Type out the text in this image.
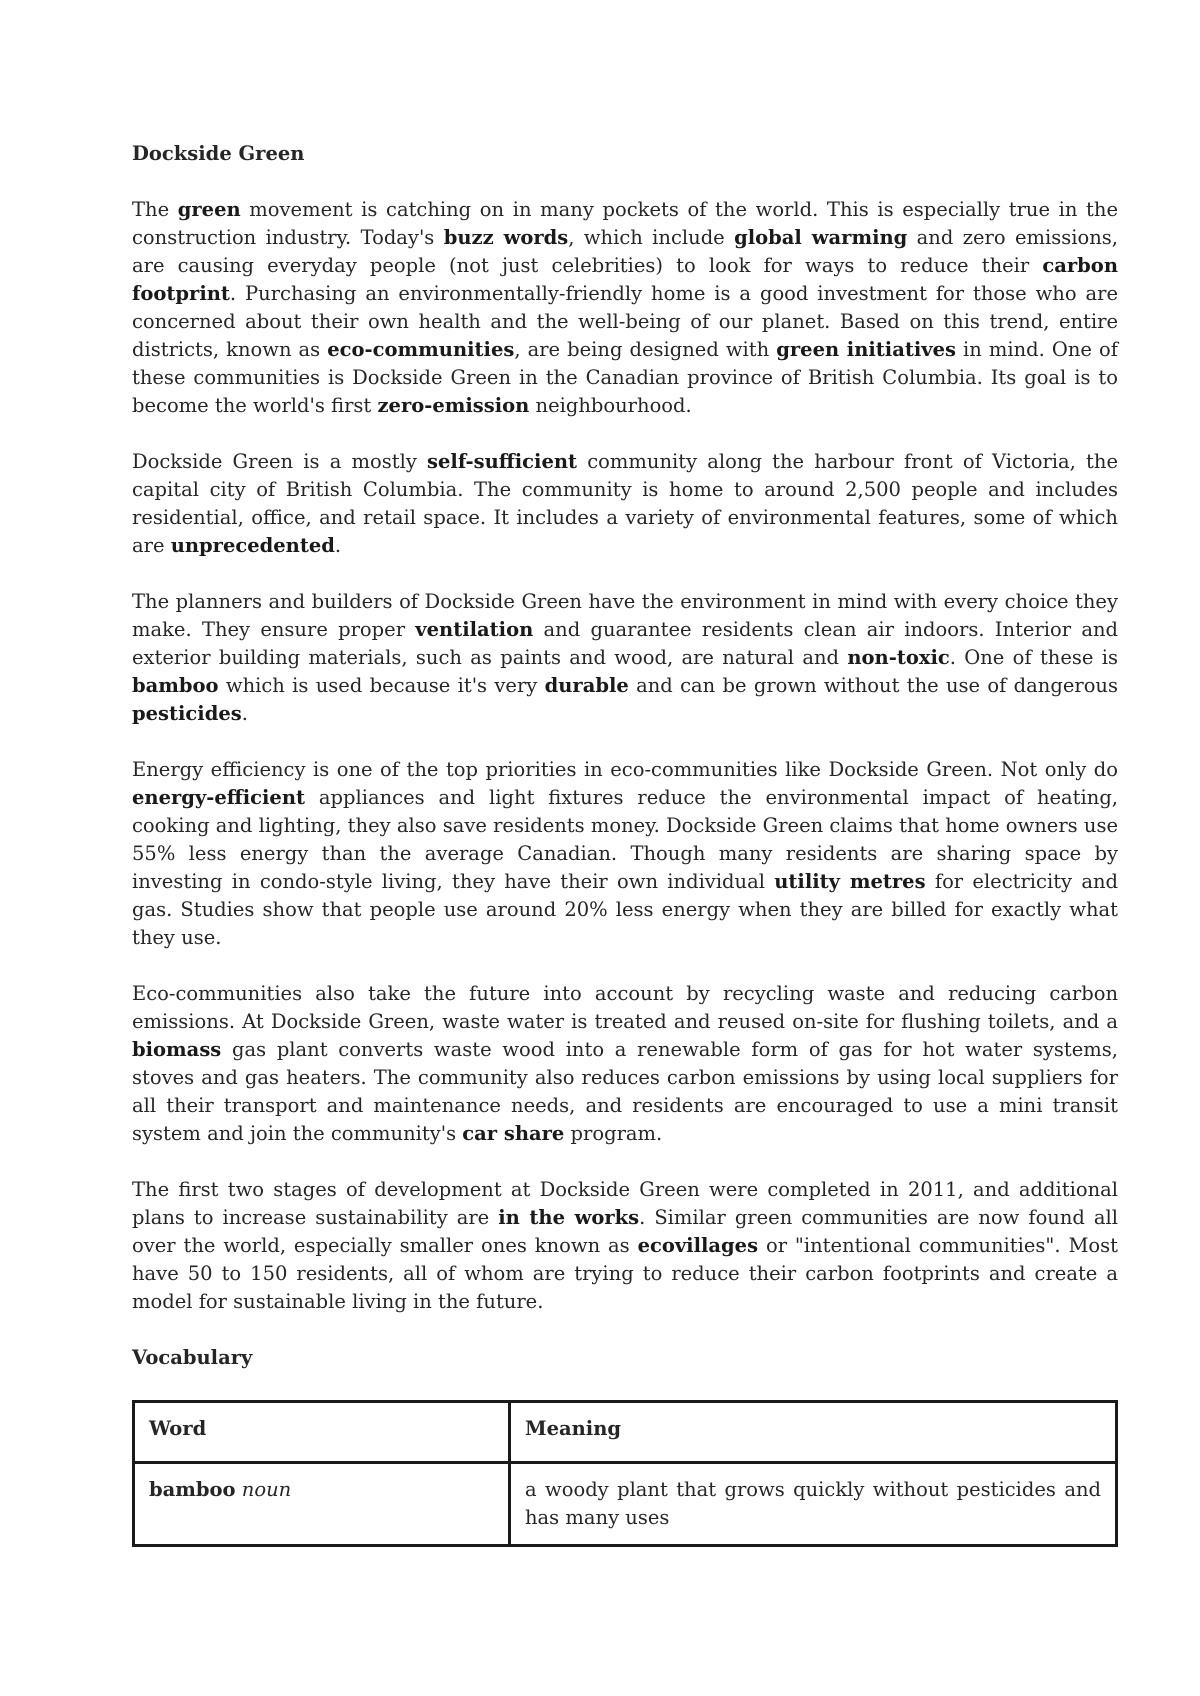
Dockside Green

The green movement is catching on in many pockets of the world. This is especially true in the construction industry. Today's buzz words, which include global warming and zero emissions, are causing everyday people (not just celebrities) to look for ways to reduce their carbon footprint. Purchasing an environmentally-friendly home is a good investment for those who are concerned about their own health and the well-being of our planet. Based on this trend, entire districts, known as eco-communities, are being designed with green initiatives in mind. One of these communities is Dockside Green in the Canadian province of British Columbia. Its goal is to become the world's first zero-emission neighbourhood.

Dockside Green is a mostly self-sufficient community along the harbour front of Victoria, the capital city of British Columbia. The community is home to around 2,500 people and includes residential, office, and retail space. It includes a variety of environmental features, some of which are unprecedented.

The planners and builders of Dockside Green have the environment in mind with every choice they make. They ensure proper ventilation and guarantee residents clean air indoors. Interior and exterior building materials, such as paints and wood, are natural and non-toxic. One of these is bamboo which is used because it's very durable and can be grown without the use of dangerous pesticides.

Energy efficiency is one of the top priorities in eco-communities like Dockside Green. Not only do energy-efficient appliances and light fixtures reduce the environmental impact of heating, cooking and lighting, they also save residents money. Dockside Green claims that home owners use 55% less energy than the average Canadian. Though many residents are sharing space by investing in condo-style living, they have their own individual utility metres for electricity and gas. Studies show that people use around 20% less energy when they are billed for exactly what they use.

Eco-communities also take the future into account by recycling waste and reducing carbon emissions. At Dockside Green, waste water is treated and reused on-site for flushing toilets, and a biomass gas plant converts waste wood into a renewable form of gas for hot water systems, stoves and gas heaters. The community also reduces carbon emissions by using local suppliers for all their transport and maintenance needs, and residents are encouraged to use a mini transit system and join the community's car share program.

The first two stages of development at Dockside Green were completed in 2011, and additional plans to increase sustainability are in the works. Similar green communities are now found all over the world, especially smaller ones known as ecovillages or "intentional communities". Most have 50 to 150 residents, all of whom are trying to reduce their carbon footprints and create a model for sustainable living in the future.

Vocabulary
Word	Meaning
bamboo noun	a woody plant that grows quickly without pesticides and has many uses
